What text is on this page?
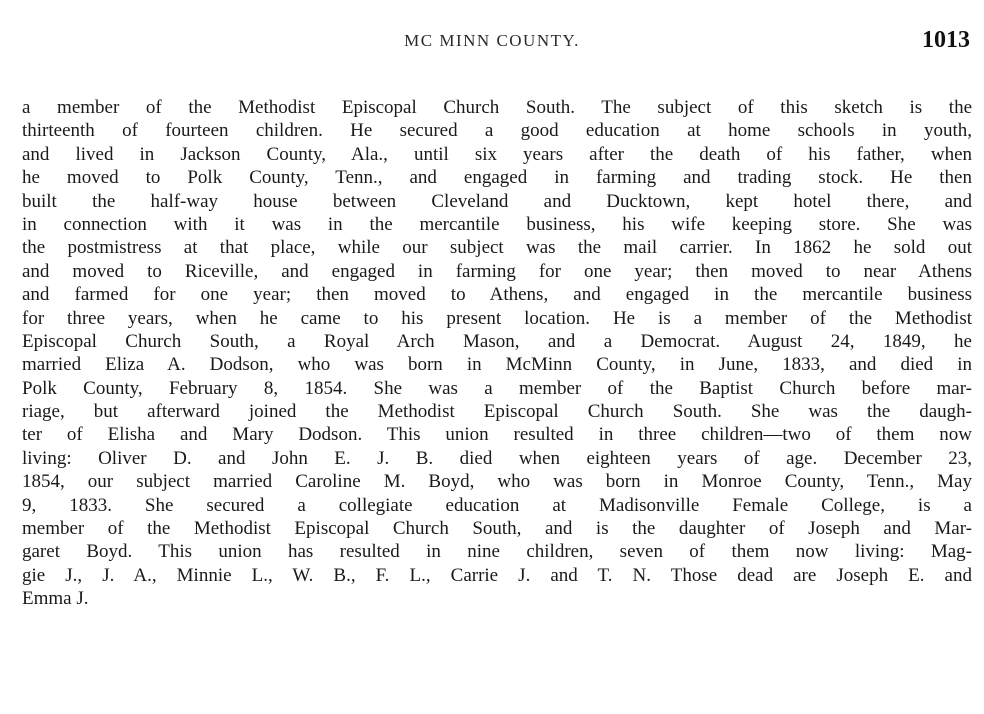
MC MINN COUNTY.	1013
a member of the Methodist Episcopal Church South. The subject of this sketch is the
thirteenth of fourteen children. He secured a good education at home schools in youth,
and lived in Jackson County, Ala., until six years after the death of his father, when
he moved to Polk County, Tenn., and engaged in farming and trading stock. He then
built the half-way house between Cleveland and Ducktown, kept hotel there, and
in connection with it was in the mercantile business, his wife keeping store. She was
the postmistress at that place, while our subject was the mail carrier. In 1862 he sold out
and moved to Riceville, and engaged in farming for one year; then moved to near Athens
and farmed for one year; then moved to Athens, and engaged in the mercantile business
for three years, when he came to his present location. He is a member of the Methodist
Episcopal Church South, a Royal Arch Mason, and a Democrat. August 24, 1849, he
married Eliza A. Dodson, who was born in McMinn County, in June, 1833, and died in
Polk County, February 8, 1854. She was a member of the Baptist Church before mar-
riage, but afterward joined the Methodist Episcopal Church South. She was the daugh-
ter of Elisha and Mary Dodson. This union resulted in three children—two of them now
living: Oliver D. and John E. J. B. died when eighteen years of age. December 23,
1854, our subject married Caroline M. Boyd, who was born in Monroe County, Tenn., May
9, 1833. She secured a collegiate education at Madisonville Female College, is a
member of the Methodist Episcopal Church South, and is the daughter of Joseph and Mar-
garet Boyd. This union has resulted in nine children, seven of them now living: Mag-
gie J., J. A., Minnie L., W. B., F. L., Carrie J. and T. N. Those dead are Joseph E. and
Emma J.
